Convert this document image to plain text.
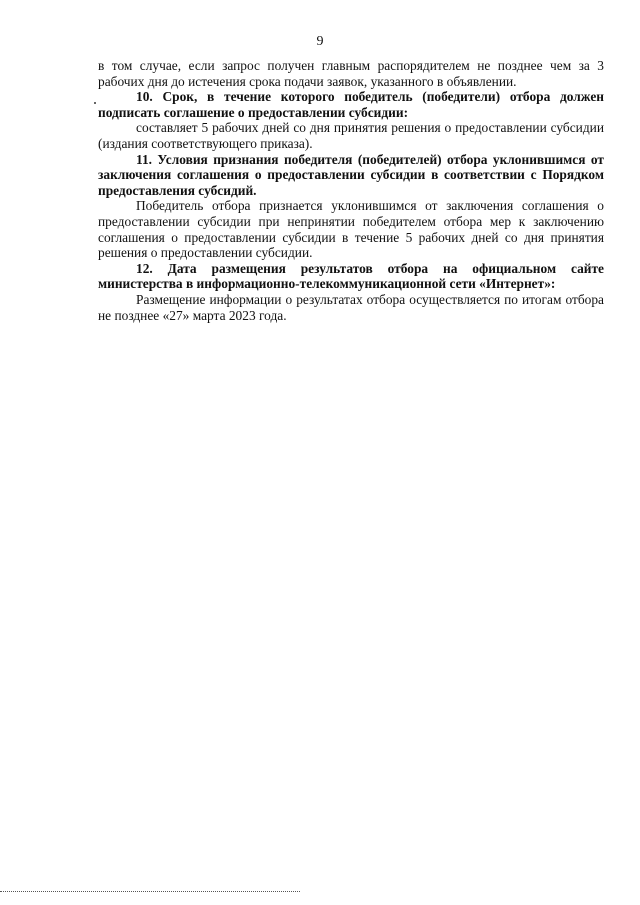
9

в том случае, если запрос получен главным распорядителем не позднее чем за 3 рабочих дня до истечения срока подачи заявок, указанного в объявлении.

10. Срок, в течение которого победитель (победители) отбора должен подписать соглашение о предоставлении субсидии:

составляет 5 рабочих дней со дня принятия решения о предоставлении субсидии (издания соответствующего приказа).

11. Условия признания победителя (победителей) отбора уклонившимся от заключения соглашения о предоставлении субсидии в соответствии с Порядком предоставления субсидий.

Победитель отбора признается уклонившимся от заключения соглашения о предоставлении субсидии при непринятии победителем отбора мер к заключению соглашения о предоставлении субсидии в течение 5 рабочих дней со дня принятия решения о предоставлении субсидии.

12. Дата размещения результатов отбора на официальном сайте министерства в информационно-телекоммуникационной сети «Интернет»:

Размещение информации о результатах отбора осуществляется по итогам отбора не позднее «27» марта 2023 года.
